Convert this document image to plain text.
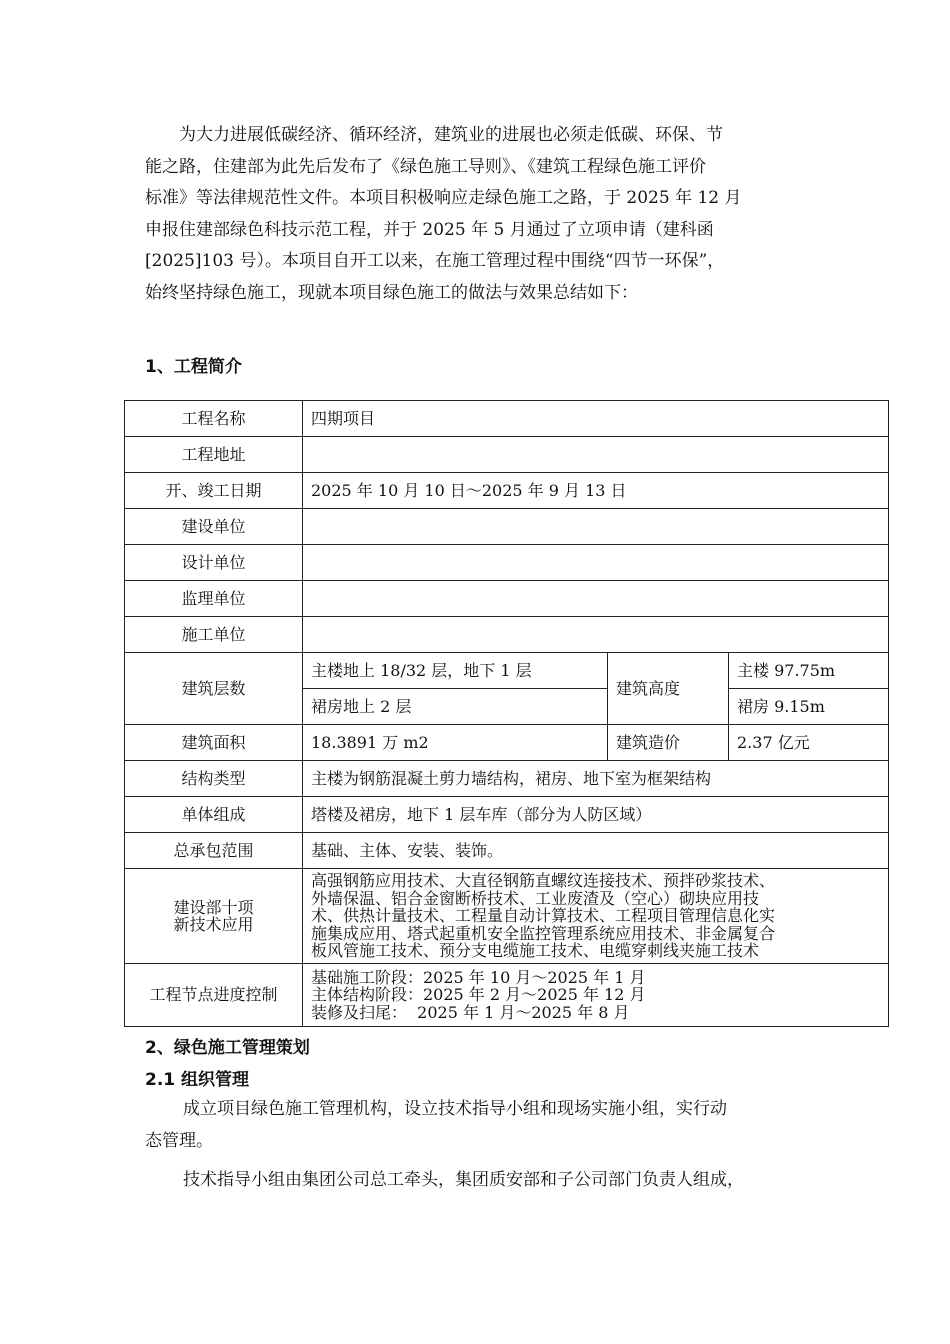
为大力进展低碳经济、循环经济，建筑业的进展也必须走低碳、环保、节
能之路，住建部为此先后发布了《绿色施工导则》、《建筑工程绿色施工评价
标准》等法律规范性文件。本项目积极响应走绿色施工之路，于 2025 年 12 月
申报住建部绿色科技示范工程，并于 2025 年 5 月通过了立项申请（建科函
[2025]103 号）。本项目自开工以来，在施工管理过程中围绕“四节一环保”，
始终坚持绿色施工，现就本项目绿色施工的做法与效果总结如下：
1、工程简介
工程名称	四期项目		
工程地址			
开、竣工日期	2025 年 10 月 10 日～2025 年 9 月 13 日		
建设单位			
设计单位			
监理单位			
施工单位			
建筑层数	主楼地上 18/32 层，地下 1 层	建筑高度	主楼 97.75m
	裙房地上 2 层		裙房 9.15m
建筑面积	18.3891 万 m2	建筑造价	2.37 亿元
结构类型	主楼为钢筋混凝土剪力墙结构，裙房、地下室为框架结构		
单体组成	塔楼及裙房，地下 1 层车库（部分为人防区域）		
总承包范围	基础、主体、安装、装饰。		

建设部十项
新技术应用	高强钢筋应用技术、大直径钢筋直螺纹连接技术、预拌砂浆技术、
外墙保温、铝合金窗断桥技术、工业废渣及（空心）砌块应用技
术、供热计量技术、工程量自动计算技术、工程项目管理信息化实
施集成应用、塔式起重机安全监控管理系统应用技术、非金属复合
板风管施工技术、预分支电缆施工技术、电缆穿刺线夹施工技术		

工程节点进度控制	基础施工阶段：2025 年 10 月～2025 年 1 月
主体结构阶段：2025 年 2 月～2025 年 12 月
装修及扫尾：  2025 年 1 月～2025 年 8 月		
2、绿色施工管理策划
2.1 组织管理
成立项目绿色施工管理机构，设立技术指导小组和现场实施小组，实行动
态管理。
技术指导小组由集团公司总工牵头，集团质安部和子公司部门负责人组成，
